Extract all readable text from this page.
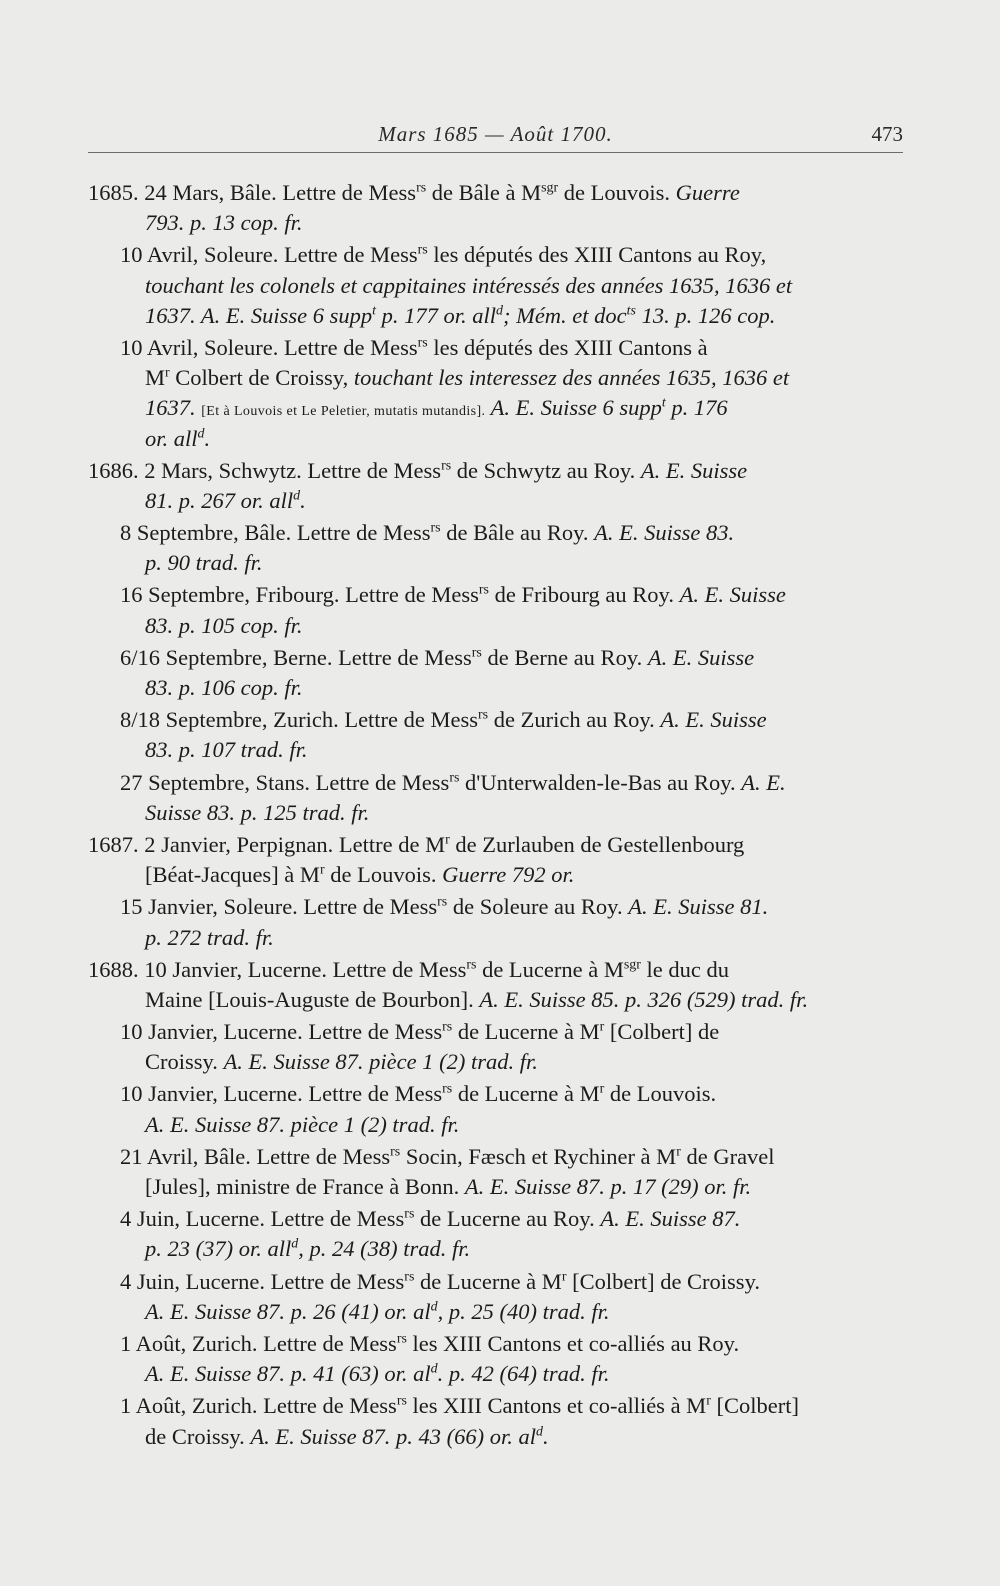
Mars 1685 — Août 1700.	473
1685. 24 Mars, Bâle. Lettre de Mess$^{rs}$ de Bâle à $M^{sgr}$ de Louvois. Guerre
793. p. 13 cop. fr.
10 Avril, Soleure. Lettre de Mess$^{rs}$ les députés des XIII Cantons au Roy,
touchant les colonels et cappitaines intéressés des années 1635, 1636 et
1637. A. E. Suisse 6 supp$^t$ p. 177 or. all$^d$; Mém. et doc$^{ts}$ 13. p. 126 cop.
10 Avril, Soleure. Lettre de Mess$^{rs}$ les députés des XIII Cantons à
$M^r$ Colbert de Croissy, touchant les interessez des années 1635, 1636 et
1637. [Et à Louvois et Le Peletier, mutatis mutandis]. A. E. Suisse 6 supp$^t$ p. 176
or. all$^d$.
1686. 2 Mars, Schwytz. Lettre de Mess$^{rs}$ de Schwytz au Roy. A. E. Suisse
81. p. 267 or. all$^d$.
8 Septembre, Bâle. Lettre de Mess$^{rs}$ de Bâle au Roy. A. E. Suisse 83.
p. 90 trad. fr.
16 Septembre, Fribourg. Lettre de Mess$^{rs}$ de Fribourg au Roy. A. E. Suisse
83. p. 105 cop. fr.
6/16 Septembre, Berne. Lettre de Mess$^{rs}$ de Berne au Roy. A. E. Suisse
83. p. 106 cop. fr.
8/18 Septembre, Zurich. Lettre de Mess$^{rs}$ de Zurich au Roy. A. E. Suisse
83. p. 107 trad. fr.
27 Septembre, Stans. Lettre de Mess$^{rs}$ d'Unterwalden-le-Bas au Roy. A. E.
Suisse 83. p. 125 trad. fr.
1687. 2 Janvier, Perpignan. Lettre de $M^r$ de Zurlauben de Gestellenbourg
[Béat-Jacques] à $M^r$ de Louvois. Guerre 792 or.
15 Janvier, Soleure. Lettre de Mess$^{rs}$ de Soleure au Roy. A. E. Suisse 81.
p. 272 trad. fr.
1688. 10 Janvier, Lucerne. Lettre de Mess$^{rs}$ de Lucerne à $M^{sgr}$ le duc du
Maine [Louis-Auguste de Bourbon]. A. E. Suisse 85. p. 326 (529) trad. fr.
10 Janvier, Lucerne. Lettre de Mess$^{rs}$ de Lucerne à $M^r$ [Colbert] de
Croissy. A. E. Suisse 87. pièce 1 (2) trad. fr.
10 Janvier, Lucerne. Lettre de Mess$^{rs}$ de Lucerne à $M^r$ de Louvois.
A. E. Suisse 87. pièce 1 (2) trad. fr.
21 Avril, Bâle. Lettre de Mess$^{rs}$ Socin, Fæsch et Rychiner à $M^r$ de Gravel
[Jules], ministre de France à Bonn. A. E. Suisse 87. p. 17 (29) or. fr.
4 Juin, Lucerne. Lettre de Mess$^{rs}$ de Lucerne au Roy. A. E. Suisse 87.
p. 23 (37) or. all$^d$, p. 24 (38) trad. fr.
4 Juin, Lucerne. Lettre de Mess$^{rs}$ de Lucerne à $M^r$ [Colbert] de Croissy.
A. E. Suisse 87. p. 26 (41) or. al$^d$, p. 25 (40) trad. fr.
1 Août, Zurich. Lettre de Mess$^{rs}$ les XIII Cantons et co-alliés au Roy.
A. E. Suisse 87. p. 41 (63) or. al$^d$. p. 42 (64) trad. fr.
1 Août, Zurich. Lettre de Mess$^{rs}$ les XIII Cantons et co-alliés à $M^r$ [Colbert]
de Croissy. A. E. Suisse 87. p. 43 (66) or. al$^d$.
